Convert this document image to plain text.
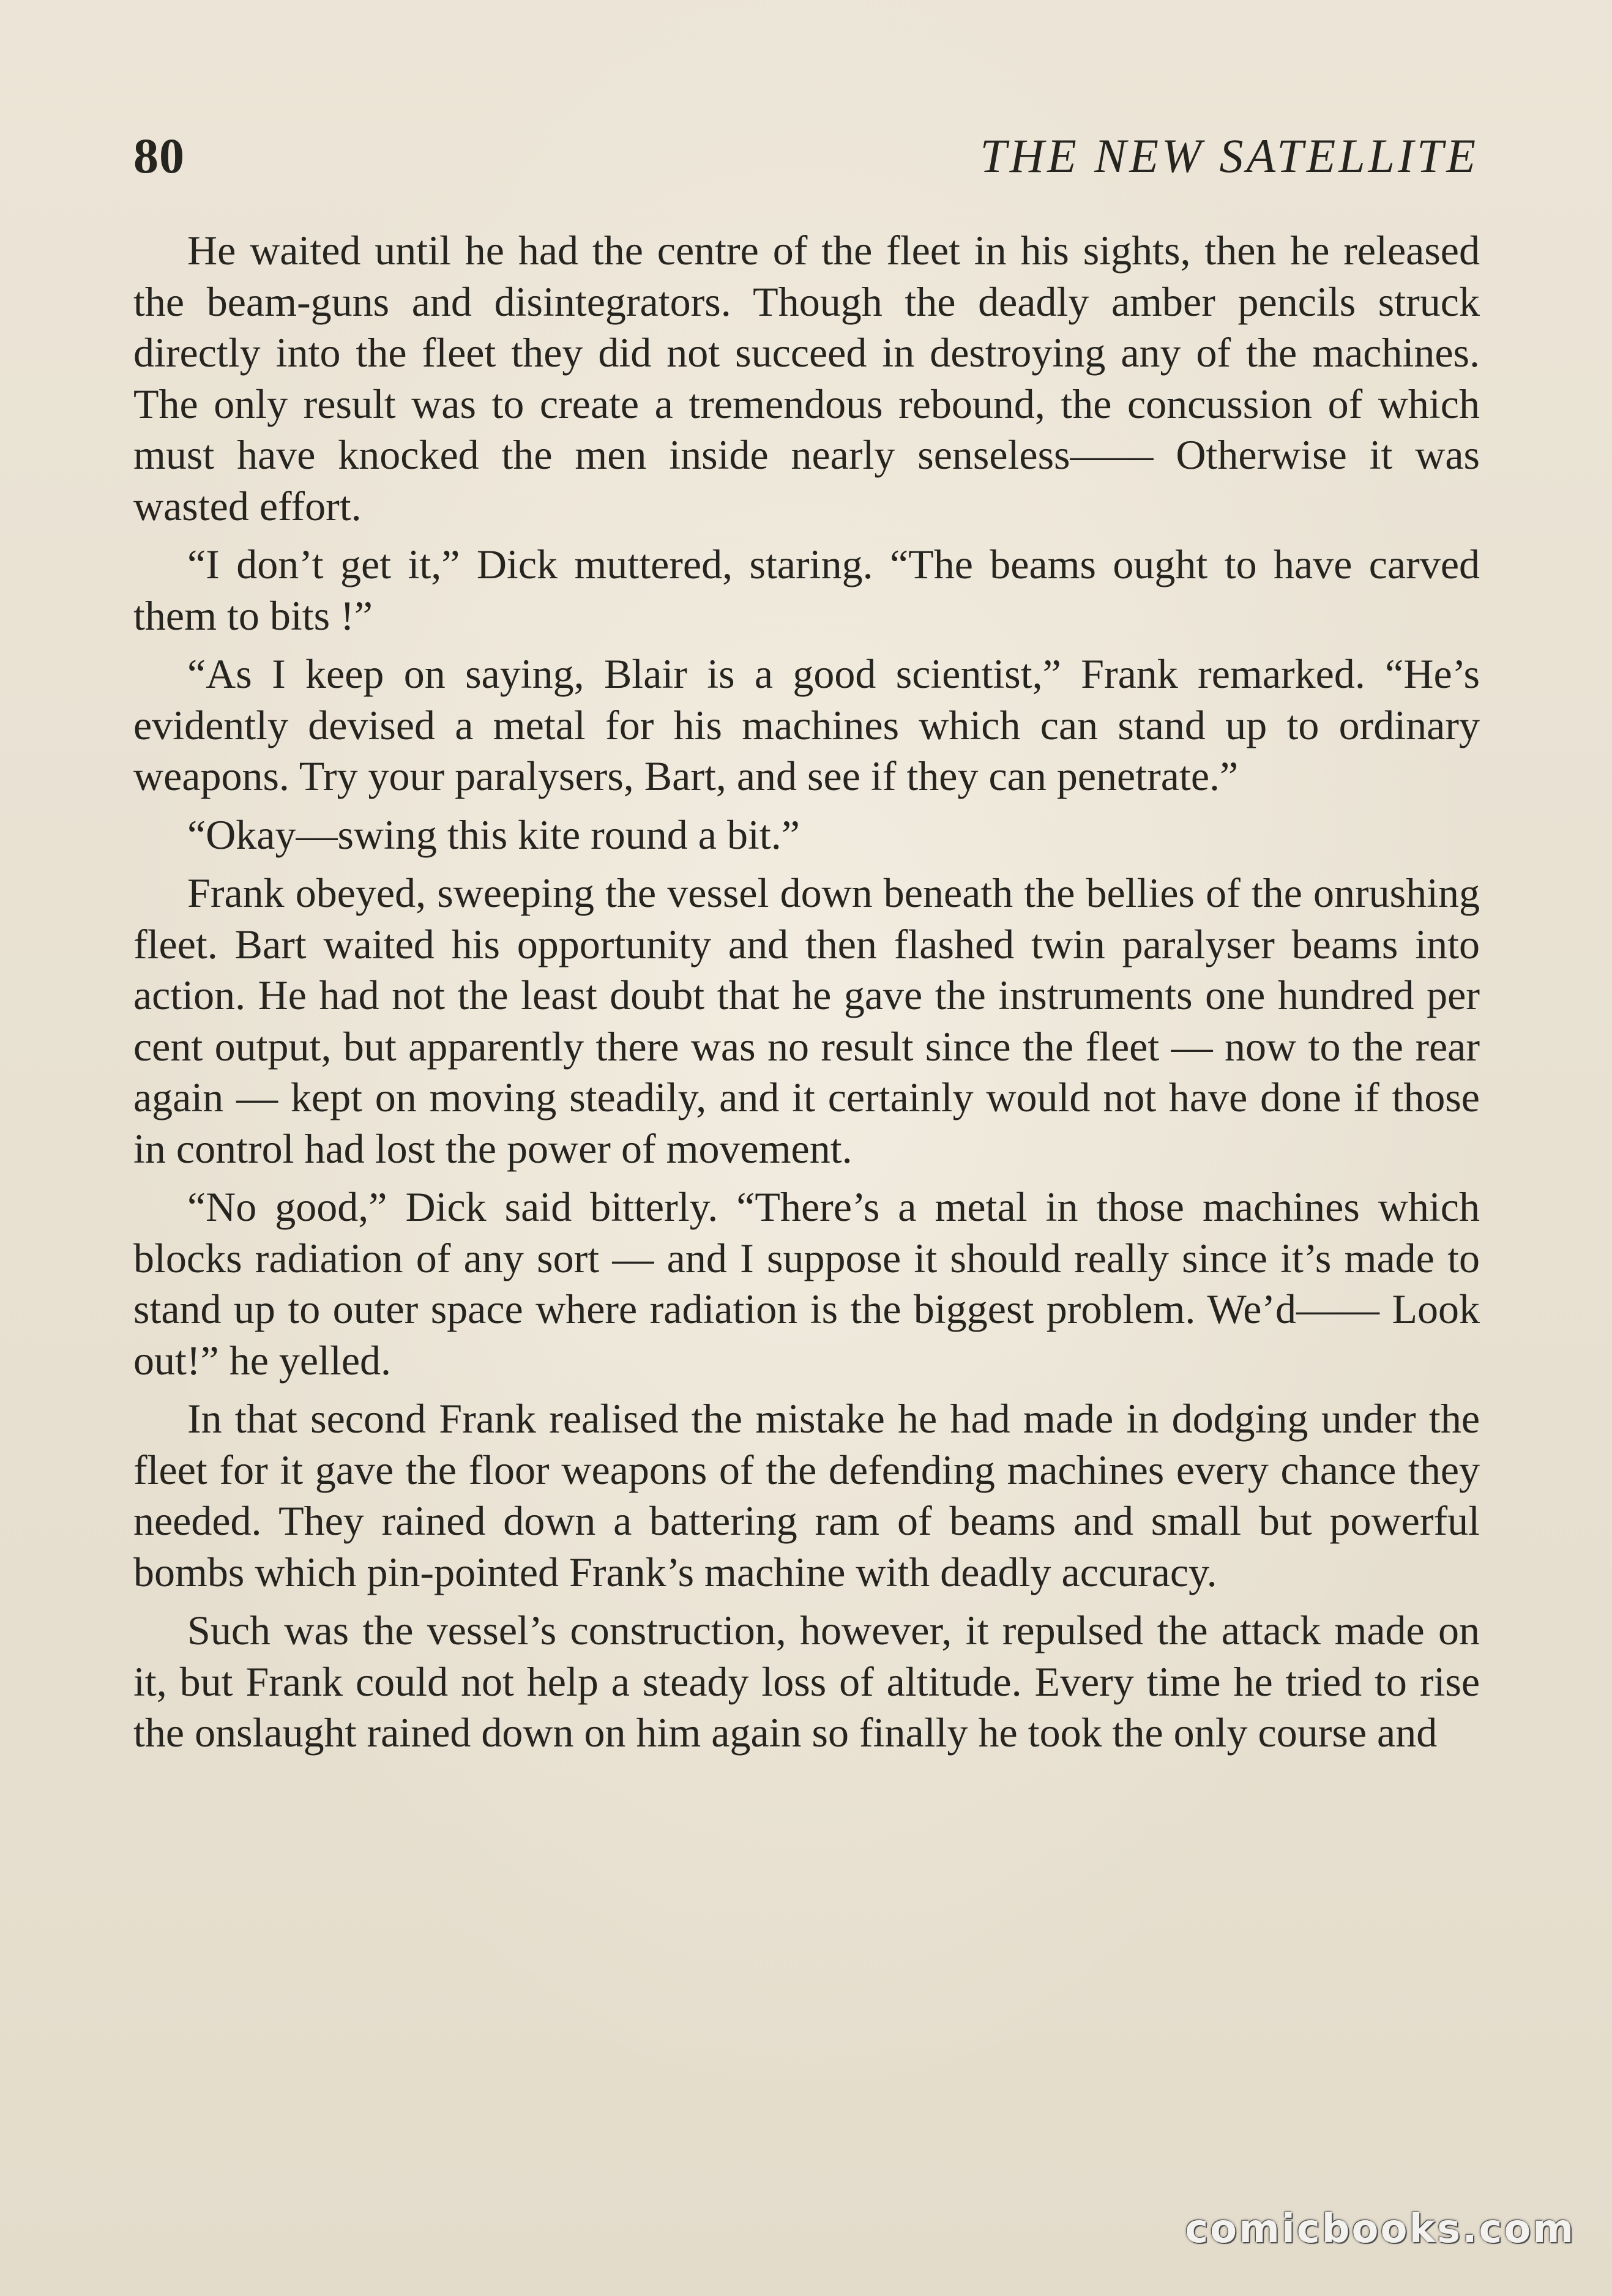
80	THE NEW SATELLITE

He waited until he had the centre of the fleet in his sights, then he released the beam-guns and disintegrators. Though the deadly amber pencils struck directly into the fleet they did not succeed in destroying any of the machines. The only result was to create a tremendous rebound, the concussion of which must have knocked the men inside nearly senseless—— Otherwise it was wasted effort.

“I don’t get it,” Dick muttered, staring. “The beams ought to have carved them to bits !”

“As I keep on saying, Blair is a good scientist,” Frank remarked. “He’s evidently devised a metal for his machines which can stand up to ordinary weapons. Try your paralysers, Bart, and see if they can penetrate.”

“Okay—swing this kite round a bit.”

Frank obeyed, sweeping the vessel down beneath the bellies of the onrushing fleet. Bart waited his opportunity and then flashed twin paralyser beams into action. He had not the least doubt that he gave the instruments one hundred per cent output, but apparently there was no result since the fleet — now to the rear again — kept on moving steadily, and it certainly would not have done if those in control had lost the power of movement.

“No good,” Dick said bitterly. “There’s a metal in those machines which blocks radiation of any sort — and I suppose it should really since it’s made to stand up to outer space where radiation is the biggest problem. We’d—— Look out!” he yelled.

In that second Frank realised the mistake he had made in dodging under the fleet for it gave the floor weapons of the defending machines every chance they needed. They rained down a battering ram of beams and small but powerful bombs which pin-pointed Frank’s machine with deadly accuracy.

Such was the vessel’s construction, however, it repulsed the attack made on it, but Frank could not help a steady loss of altitude. Every time he tried to rise the onslaught rained down on him again so finally he took the only course and

comicbooks.com
